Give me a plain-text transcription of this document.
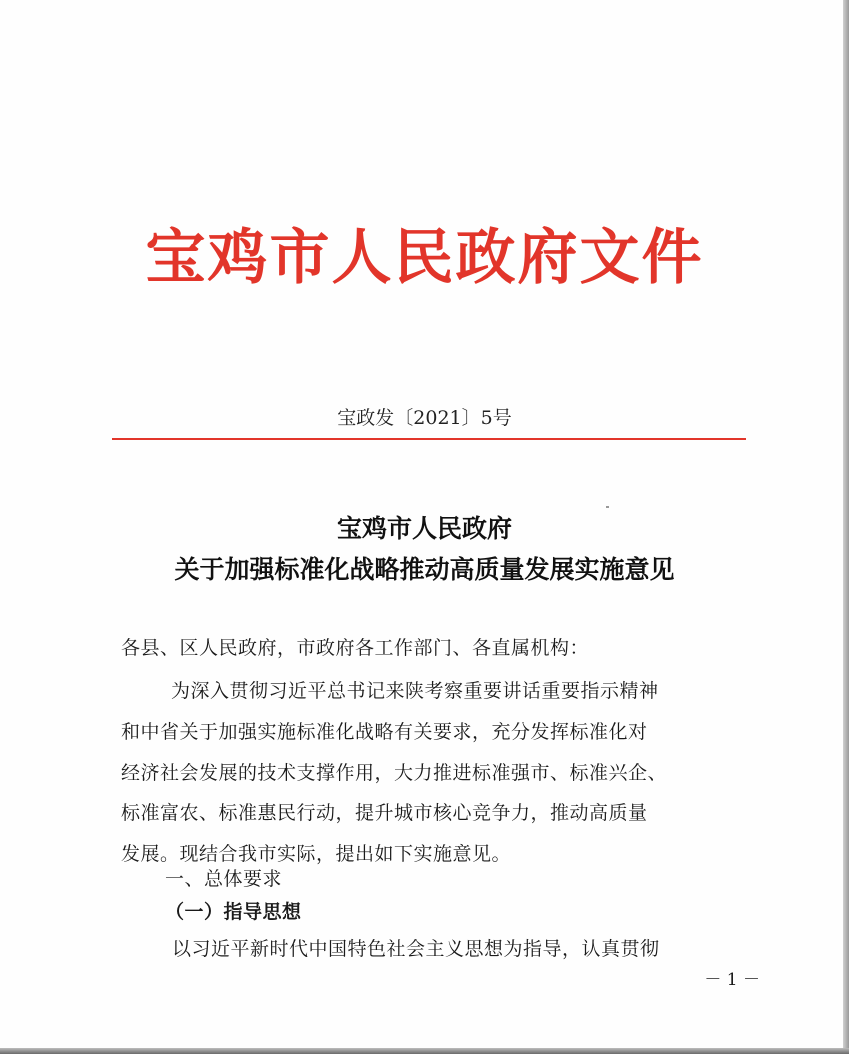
宝鸡市人民政府文件
宝政发〔2021〕5号
宝鸡市人民政府
关于加强标准化战略推动高质量发展实施意见
各县、区人民政府，市政府各工作部门、各直属机构：
为深入贯彻习近平总书记来陕考察重要讲话重要指示精神
和中省关于加强实施标准化战略有关要求，充分发挥标准化对
经济社会发展的技术支撑作用，大力推进标准强市、标准兴企、
标准富农、标准惠民行动，提升城市核心竞争力，推动高质量
发展。现结合我市实际，提出如下实施意见。
一、总体要求
（一）指导思想
以习近平新时代中国特色社会主义思想为指导，认真贯彻
－ 1 －
